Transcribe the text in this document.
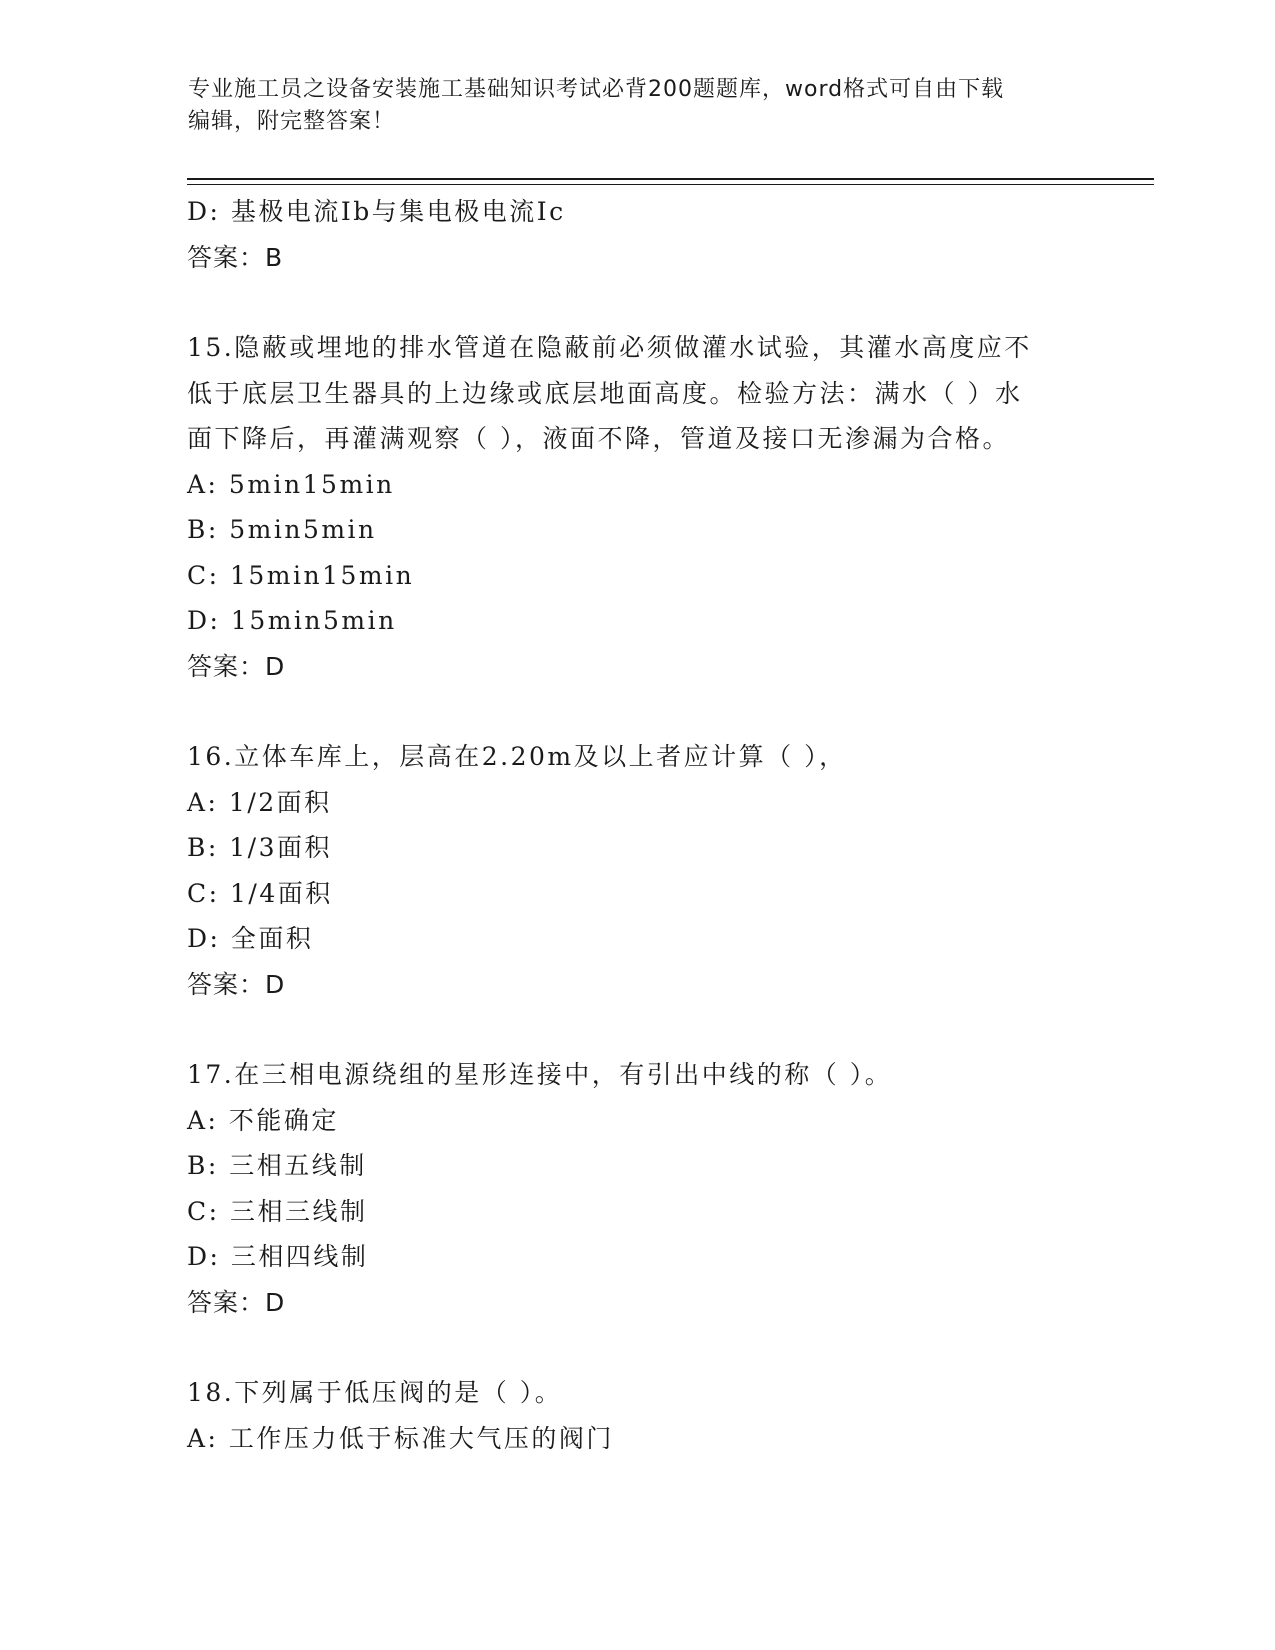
专业施工员之设备安装施工基础知识考试必背200题题库，word格式可自由下载
编辑，附完整答案！
D: 基极电流Ib与集电极电流Ic
答案：B
15.隐蔽或埋地的排水管道在隐蔽前必须做灌水试验，其灌水高度应不
低于底层卫生器具的上边缘或底层地面高度。检验方法：满水（ ）水
面下降后，再灌满观察（ ），液面不降，管道及接口无渗漏为合格。
A: 5min15min
B: 5min5min
C: 15min15min
D: 15min5min
答案：D
16.立体车库上，层高在2.20m及以上者应计算（ ），
A: 1/2面积
B: 1/3面积
C: 1/4面积
D: 全面积
答案：D
17.在三相电源绕组的星形连接中，有引出中线的称（ ）。
A: 不能确定
B: 三相五线制
C: 三相三线制
D: 三相四线制
答案：D
18.下列属于低压阀的是（ ）。
A: 工作压力低于标准大气压的阀门
